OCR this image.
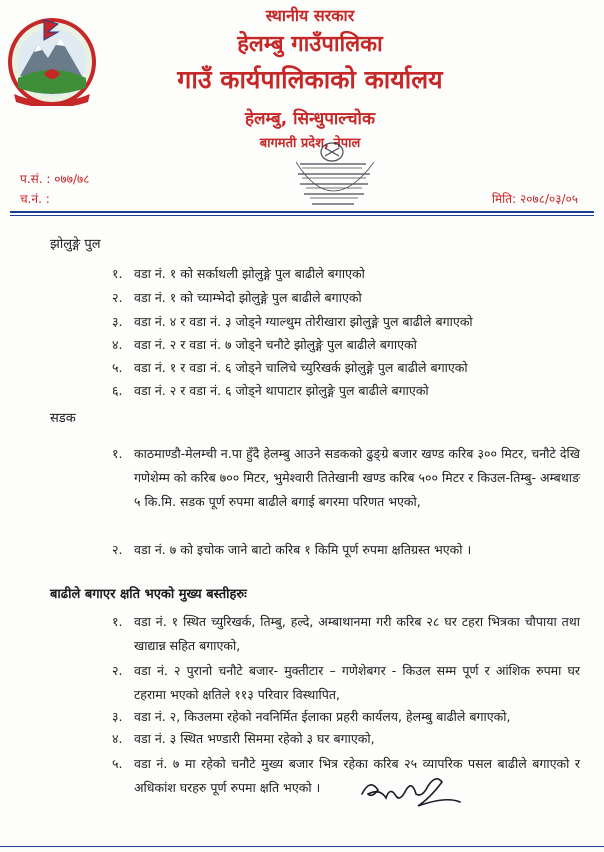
स्थानीय सरकार
हेलम्बु गाउँपालिका
गाउँ कार्यपालिकाको कार्यालय
हेलम्बु, सिन्धुपाल्चोक
बागमती प्रदेश, नेपाल
प.सं. : ०७७/७८
च.नं. :	मिति: २०७८/०३/०५
झोलुङ्गे पुल
१. वडा नं. १ को सर्काथली झोलुङ्गे पुल बाढीले बगाएको
२. वडा नं. १ को च्याम्भेदो झोलुङ्गे पुल बाढीले बगाएको
३. वडा नं. ४ र वडा नं. ३ जोड्ने ग्याल्थुम तोरीखारा झोलुङ्गे पुल बाढीले बगाएको
४. वडा नं. २ र वडा नं. ७ जोड्ने चनौटे झोलुङ्गे पुल बाढीले बगाएको
५. वडा नं. १ र वडा नं. ६ जोड्ने चालिचे च्युरिखर्क झोलुङ्गे पुल बाढीले बगाएको
६. वडा नं. २ र वडा नं. ६ जोड्ने थापाटार झोलुङ्गे पुल बाढीले बगाएको
सडक
१. काठमाण्डौ-मेलम्ची न.पा हुँदै हेलम्बु आउने सडकको ढुङ्ग्रे बजार खण्ड करिब ३०० मिटर, चनौटे देखि गणेशेम्म को करिब ७०० मिटर, भुमेश्वारी तितेखानी खण्ड करिब ५०० मिटर र किउल-तिम्बु- अम्बथाङ ५ कि.मि. सडक पूर्ण रुपमा बाढीले बगाई बगरमा परिणत भएको,
२. वडा नं. ७ को इचोक जाने बाटो करिब १ किमि पूर्ण रुपमा क्षतिग्रस्त भएको ।
बाढीले बगाएर क्षति भएको मुख्य बस्तीहरुः
१. वडा नं. १ स्थित च्युरिखर्क, तिम्बु, हल्दे, अम्बाथानमा गरी करिब २८ घर टहरा भित्रका चौपाया तथा खाद्यान्न सहित बगाएको,
२. वडा नं. २ पुरानो चनौटे बजार- मुक्तीटार – गणेशेबगर - किउल सम्म पूर्ण र आंशिक रुपमा घर टहरामा भएको क्षतिले ११३ परिवार विस्थापित,
३. वडा नं. २, किउलमा रहेको नवनिर्मित ईलाका प्रहरी कार्यलय, हेलम्बु बाढीले बगाएको,
४. वडा नं. ३ स्थित भण्डारी सिममा रहेको ३ घर बगाएको,
५. वडा नं. ७ मा रहेको चनौटे मुख्य बजार भित्र रहेका करिब २५ व्यापरिक पसल बाढीले बगाएको र अधिकांश घरहरु पूर्ण रुपमा क्षति भएको ।
